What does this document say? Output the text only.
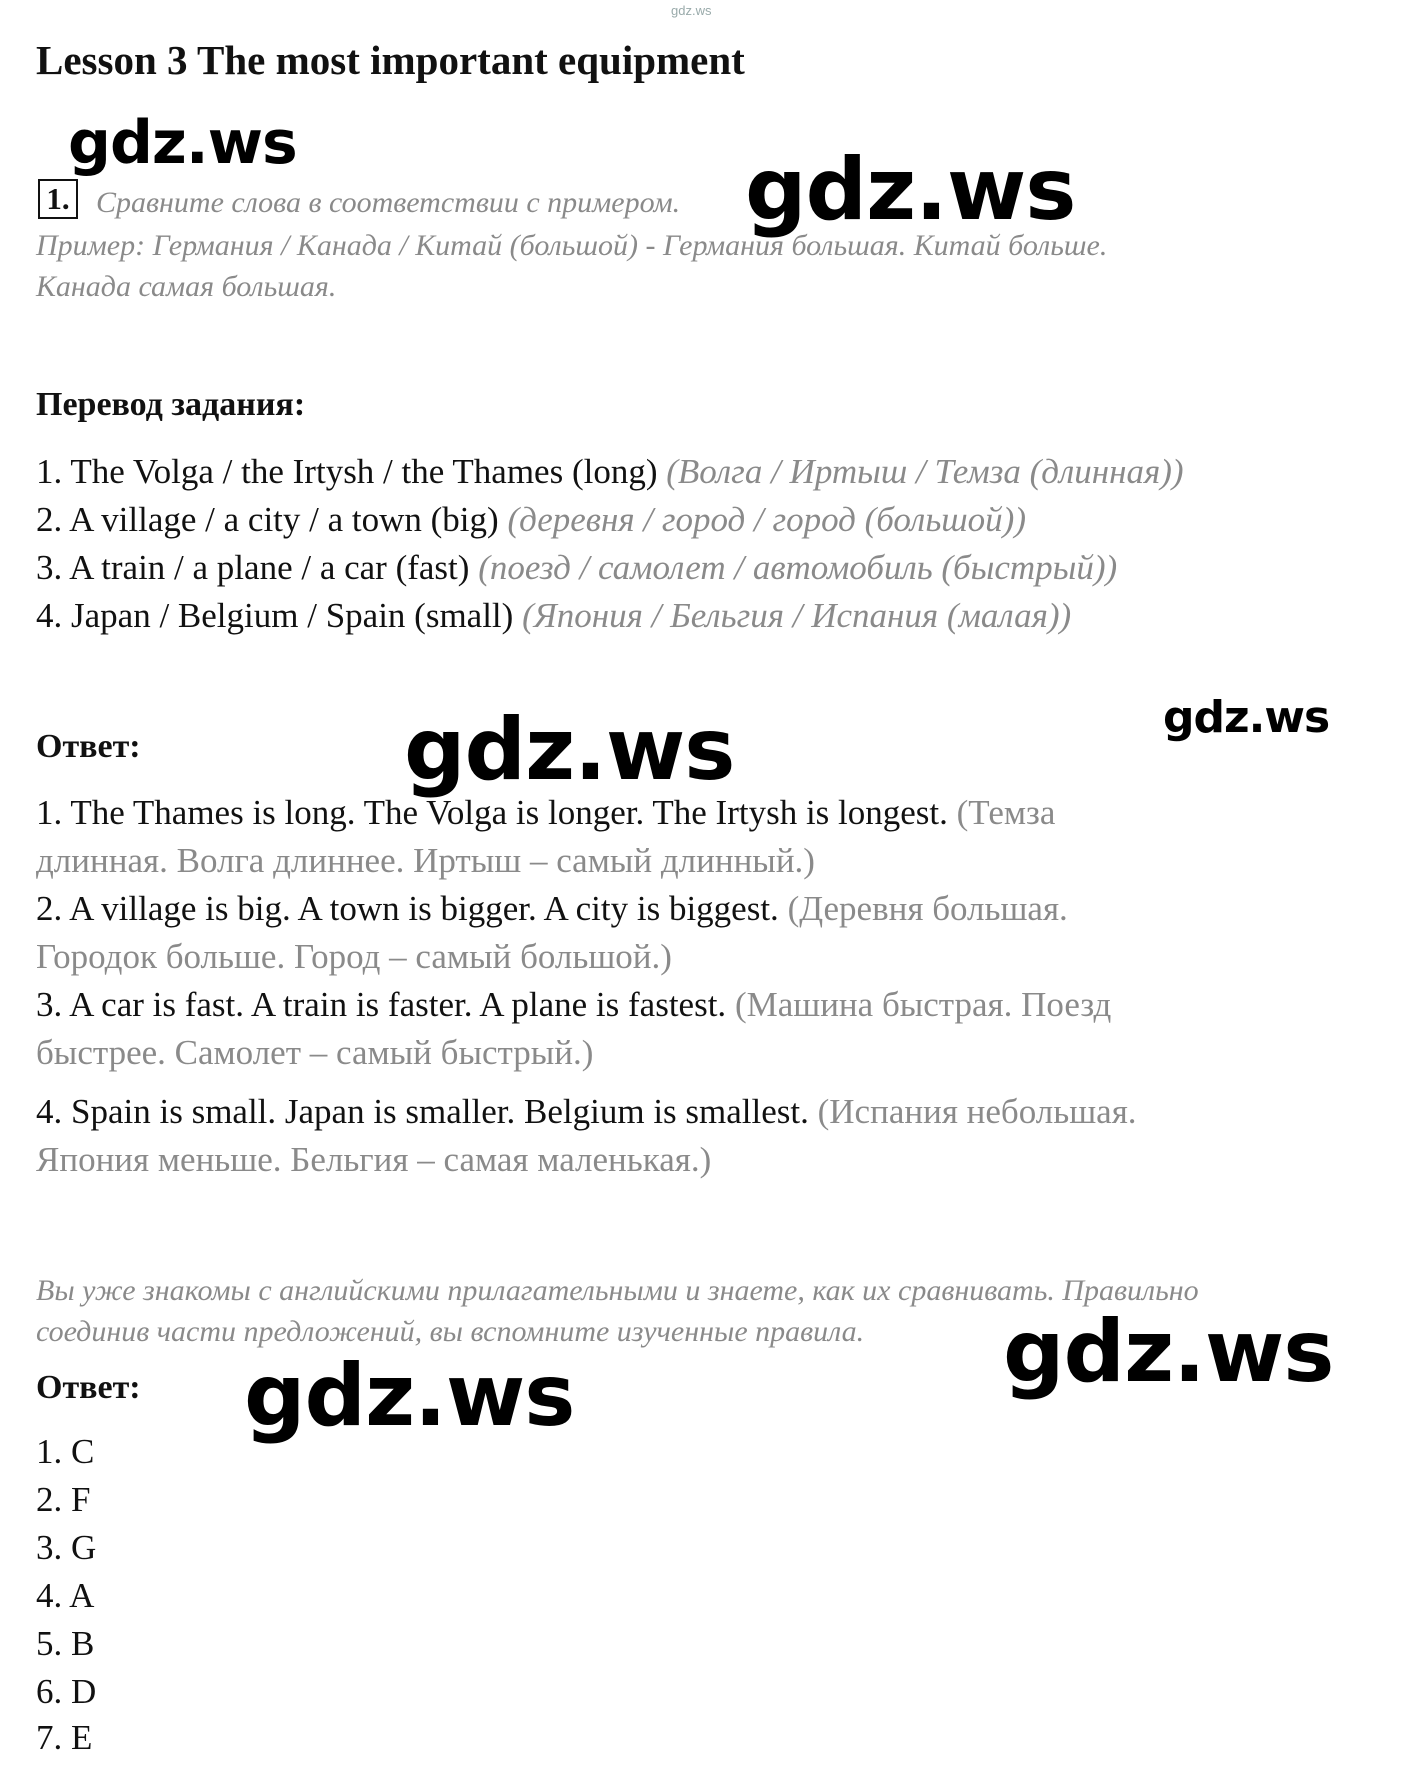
gdz.ws
Lesson 3 The most important equipment
gdz.ws	gdz.ws
gdz.ws	gdz.ws
gdz.ws
gdz.ws
1. Сравните слова в соответствии с примером.
Пример: Германия / Канада / Китай (большой) - Германия большая. Китай больше.
Канада самая большая.
Перевод задания:
1. The Volga / the Irtysh / the Thames (long) (Волга / Иртыш / Темза (длинная))
2. A village / a city / a town (big) (деревня / город / город (большой))
3. A train / a plane / a car (fast) (поезд / самолет / автомобиль (быстрый))
4. Japan / Belgium / Spain (small) (Япония / Бельгия / Испания (малая))
Ответ:
1. The Thames is long. The Volga is longer. The Irtysh is longest. (Темза
длинная. Волга длиннее. Иртыш – самый длинный.)
2. A village is big. A town is bigger. A city is biggest. (Деревня большая.
Городок больше. Город – самый большой.)
3. A car is fast. A train is faster. A plane is fastest. (Машина быстрая. Поезд
быстрее. Самолет – самый быстрый.)
4. Spain is small. Japan is smaller. Belgium is smallest. (Испания небольшая.
Япония меньше. Бельгия – самая маленькая.)
Вы уже знакомы с английскими прилагательными и знаете, как их сравнивать. Правильно
соединив части предложений, вы вспомните изученные правила.
Ответ:
1. C
2. F
3. G
4. A
5. B
6. D
7. E
